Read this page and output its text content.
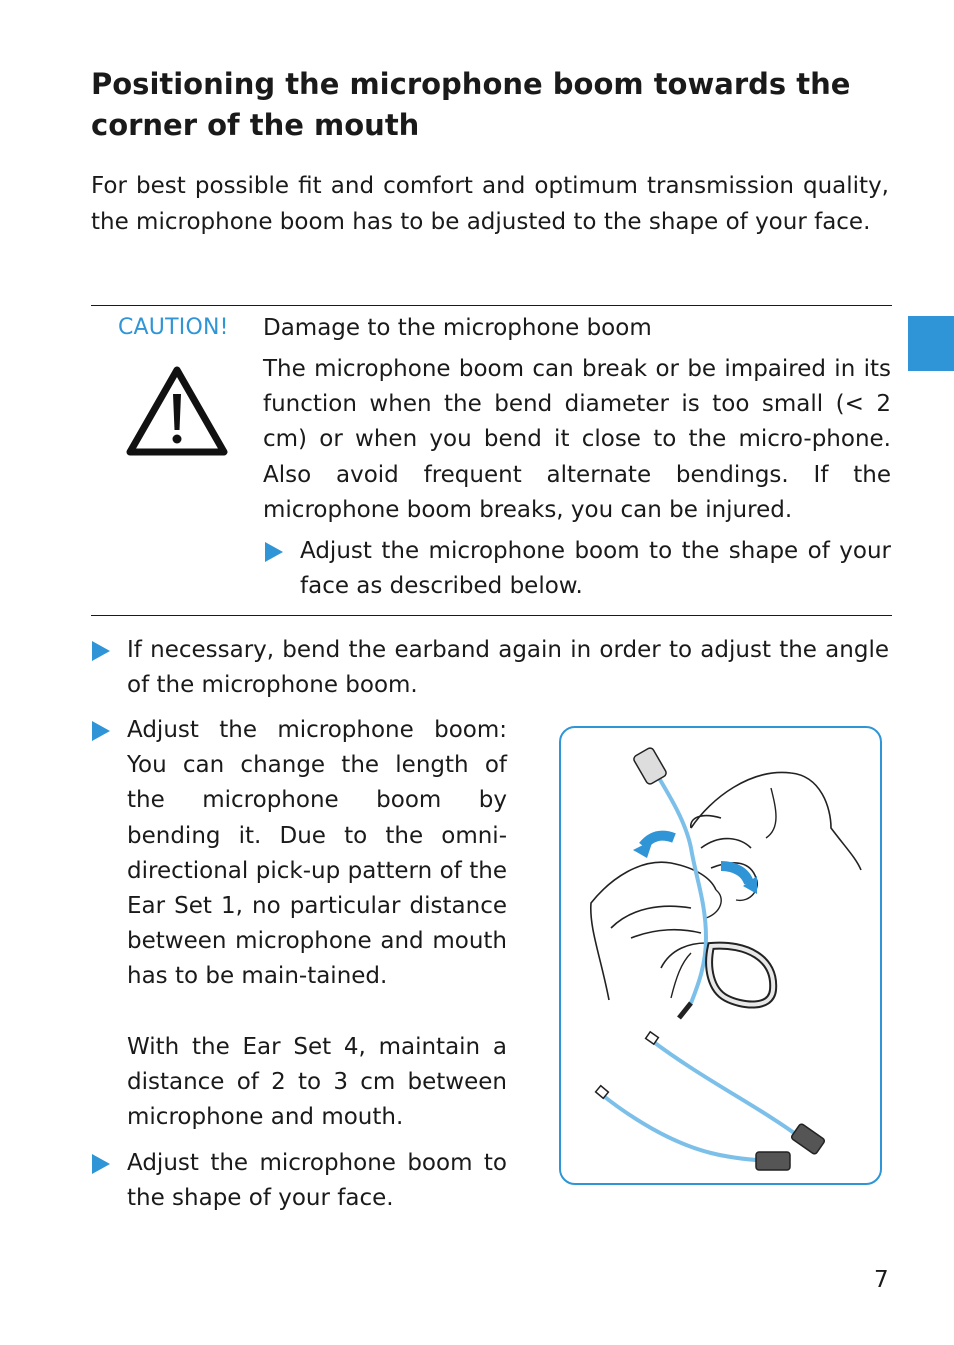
Positioning the microphone boom towards the corner of the mouth

For best possible fit and comfort and optimum transmission quality, the microphone boom has to be adjusted to the shape of your face.

CAUTION! Damage to the microphone boom

The microphone boom can break or be impaired in its function when the bend diameter is too small (< 2 cm) or when you bend it close to the micro-phone. Also avoid frequent alternate bendings. If the microphone boom breaks, you can be injured.

Adjust the microphone boom to the shape of your face as described below.

If necessary, bend the earband again in order to adjust the angle of the microphone boom.

Adjust the microphone boom: You can change the length of the microphone boom by bending it. Due to the omni-directional pick-up pattern of the Ear Set 1, no particular distance between microphone and mouth has to be main-tained.

With the Ear Set 4, maintain a distance of 2 to 3 cm between microphone and mouth.

Adjust the microphone boom to the shape of your face.

7
